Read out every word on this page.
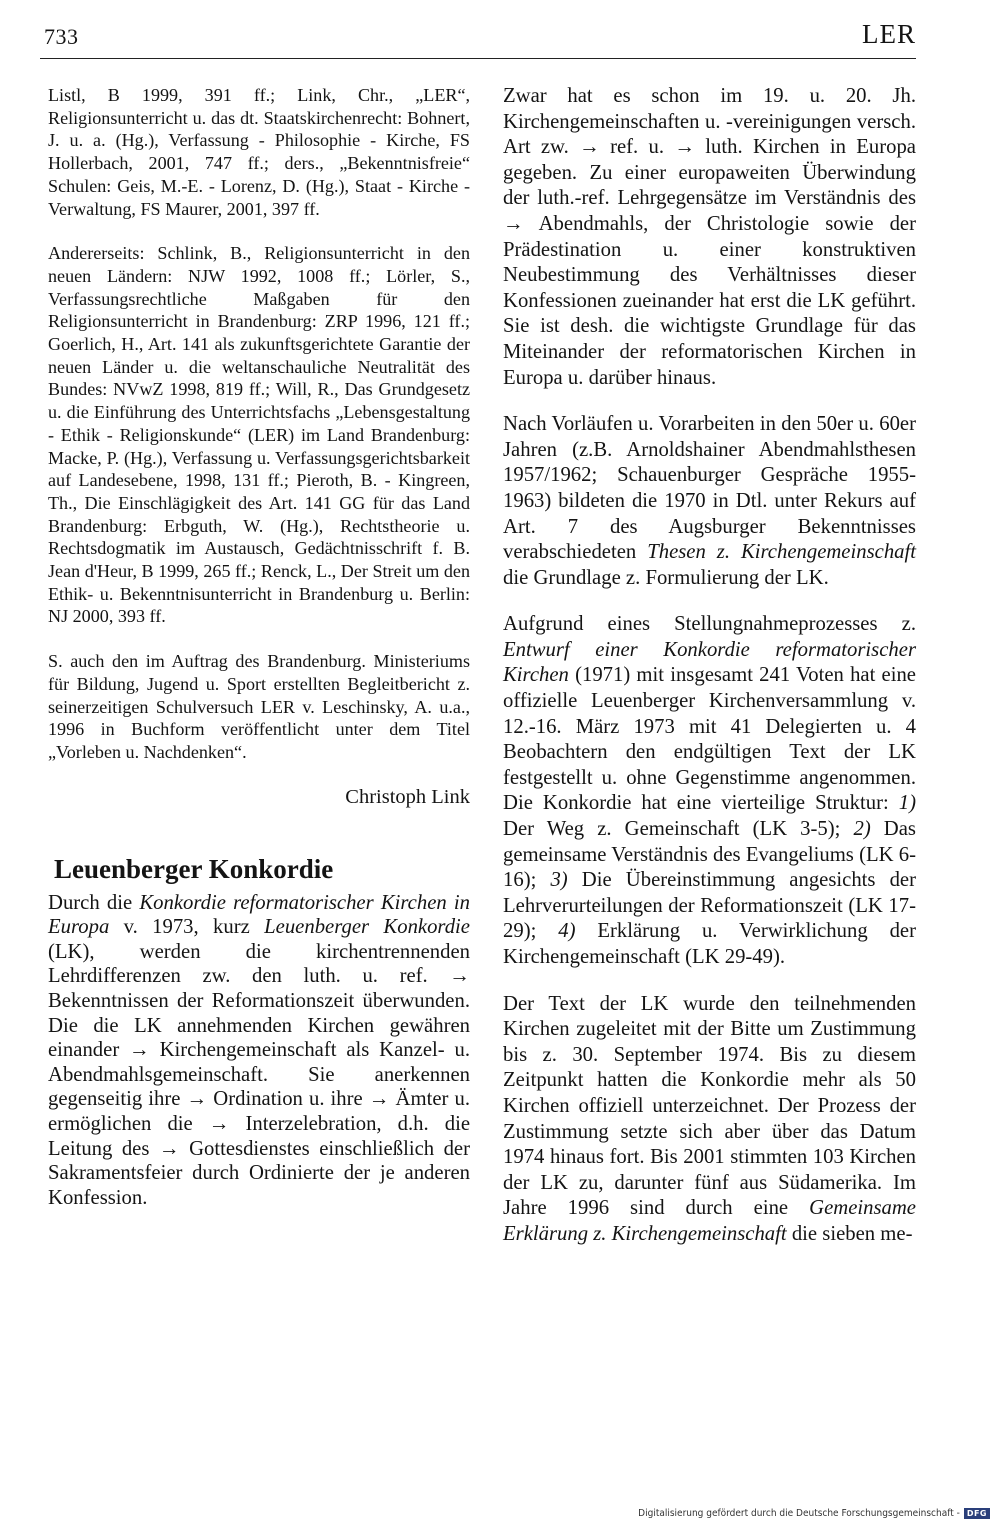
733	LER

Listl, B 1999, 391 ff.; Link, Chr., „LER“, Religionsunterricht u. das dt. Staatskirchenrecht: Bohnert, J. u. a. (Hg.), Verfassung - Philosophie - Kirche, FS Hollerbach, 2001, 747 ff.; ders., „Bekenntnisfreie“ Schulen: Geis, M.-E. - Lorenz, D. (Hg.), Staat - Kirche - Verwaltung, FS Maurer, 2001, 397 ff.

Andererseits: Schlink, B., Religionsunterricht in den neuen Ländern: NJW 1992, 1008 ff.; Lörler, S., Verfassungsrechtliche Maßgaben für den Religionsunterricht in Brandenburg: ZRP 1996, 121 ff.; Goerlich, H., Art. 141 als zukunftsgerichtete Garantie der neuen Länder u. die weltanschauliche Neutralität des Bundes: NVwZ 1998, 819 ff.; Will, R., Das Grundgesetz u. die Einführung des Unterrichtsfachs „Lebensgestaltung - Ethik - Religionskunde“ (LER) im Land Brandenburg: Macke, P. (Hg.), Verfassung u. Verfassungsgerichtsbarkeit auf Landesebene, 1998, 131 ff.; Pieroth, B. - Kingreen, Th., Die Einschlägigkeit des Art. 141 GG für das Land Brandenburg: Erbguth, W. (Hg.), Rechtstheorie u. Rechtsdogmatik im Austausch, Gedächtnisschrift f. B. Jean d'Heur, B 1999, 265 ff.; Renck, L., Der Streit um den Ethik- u. Bekenntnisunterricht in Brandenburg u. Berlin: NJ 2000, 393 ff.

S. auch den im Auftrag des Brandenburg. Ministeriums für Bildung, Jugend u. Sport erstellten Begleitbericht z. seinerzeitigen Schulversuch LER v. Leschinsky, A. u.a., 1996 in Buchform veröffentlicht unter dem Titel „Vorleben u. Nachdenken“.

Christoph Link
Leuenberger Konkordie

Durch die Konkordie reformatorischer Kirchen in Europa v. 1973, kurz Leuenberger Konkordie (LK), werden die kirchentrennenden Lehrdifferenzen zw. den luth. u. ref. → Bekenntnissen der Reformationszeit überwunden. Die die LK annehmenden Kirchen gewähren einander → Kirchengemeinschaft als Kanzel- u. Abendmahlsgemeinschaft. Sie anerkennen gegenseitig ihre → Ordination u. ihre → Ämter u. ermöglichen die → Interzelebration, d.h. die Leitung des → Gottesdienstes einschließlich der Sakramentsfeier durch Ordinierte der je anderen Konfession.

Zwar hat es schon im 19. u. 20. Jh. Kirchengemeinschaften u. -vereinigungen versch. Art zw. → ref. u. → luth. Kirchen in Europa gegeben. Zu einer europaweiten Überwindung der luth.-ref. Lehrgegensätze im Verständnis des → Abendmahls, der Christologie sowie der Prädestination u. einer konstruktiven Neubestimmung des Verhältnisses dieser Konfessionen zueinander hat erst die LK geführt. Sie ist desh. die wichtigste Grundlage für das Miteinander der reformatorischen Kirchen in Europa u. darüber hinaus.

Nach Vorläufen u. Vorarbeiten in den 50er u. 60er Jahren (z.B. Arnoldshainer Abendmahlsthesen 1957/1962; Schauenburger Gespräche 1955-1963) bildeten die 1970 in Dtl. unter Rekurs auf Art. 7 des Augsburger Bekenntnisses verabschiedeten Thesen z. Kirchengemeinschaft die Grundlage z. Formulierung der LK.

Aufgrund eines Stellungnahmeprozesses z. Entwurf einer Konkordie reformatorischer Kirchen (1971) mit insgesamt 241 Voten hat eine offizielle Leuenberger Kirchenversammlung v. 12.-16. März 1973 mit 41 Delegierten u. 4 Beobachtern den endgültigen Text der LK festgestellt u. ohne Gegenstimme angenommen. Die Konkordie hat eine vierteilige Struktur: 1) Der Weg z. Gemeinschaft (LK 3-5); 2) Das gemeinsame Verständnis des Evangeliums (LK 6-16); 3) Die Übereinstimmung angesichts der Lehrverurteilungen der Reformationszeit (LK 17-29); 4) Erklärung u. Verwirklichung der Kirchengemeinschaft (LK 29-49).

Der Text der LK wurde den teilnehmenden Kirchen zugeleitet mit der Bitte um Zustimmung bis z. 30. September 1974. Bis zu diesem Zeitpunkt hatten die Konkordie mehr als 50 Kirchen offiziell unterzeichnet. Der Prozess der Zustimmung setzte sich aber über das Datum 1974 hinaus fort. Bis 2001 stimmten 103 Kirchen der LK zu, darunter fünf aus Südamerika. Im Jahre 1996 sind durch eine Gemeinsame Erklärung z. Kirchengemeinschaft die sieben me-

Digitalisierung gefördert durch die Deutsche Forschungsgemeinschaft - DFG
